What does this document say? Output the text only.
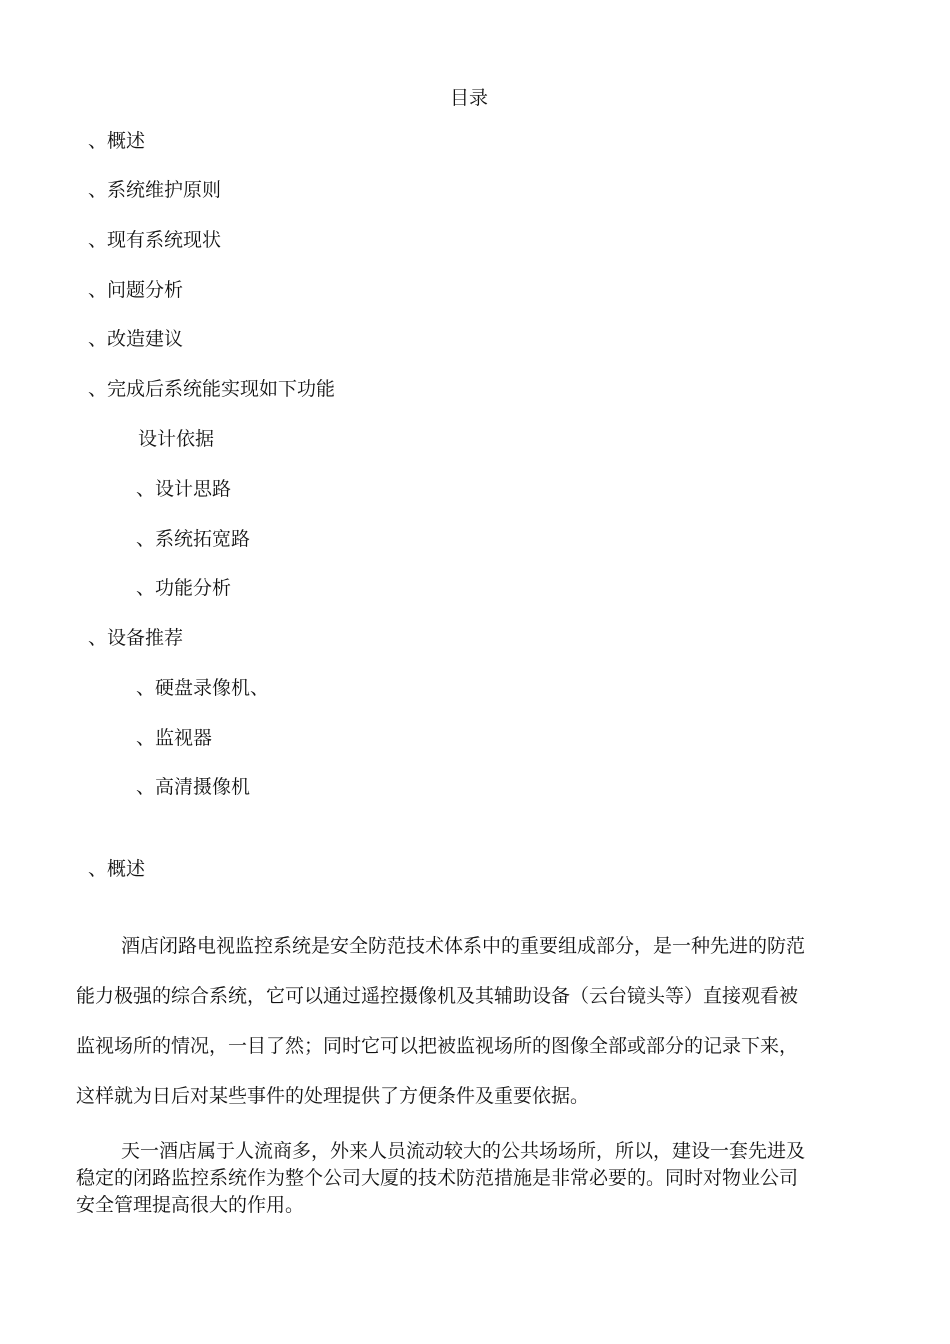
目录
、概述
、系统维护原则
、现有系统现状
、问题分析
、改造建议
、完成后系统能实现如下功能
设计依据
、设计思路
、系统拓宽路
、功能分析
、设备推荐
、硬盘录像机、
、监视器
、高清摄像机
、概述
酒店闭路电视监控系统是安全防范技术体系中的重要组成部分，是一种先进的防范
能力极强的综合系统，它可以通过遥控摄像机及其辅助设备（云台镜头等）直接观看被
监视场所的情况，一目了然；同时它可以把被监视场所的图像全部或部分的记录下来，
这样就为日后对某些事件的处理提供了方便条件及重要依据。
天一酒店属于人流商多，外来人员流动较大的公共场场所，所以，建设一套先进及
稳定的闭路监控系统作为整个公司大厦的技术防范措施是非常必要的。同时对物业公司
安全管理提高很大的作用。
